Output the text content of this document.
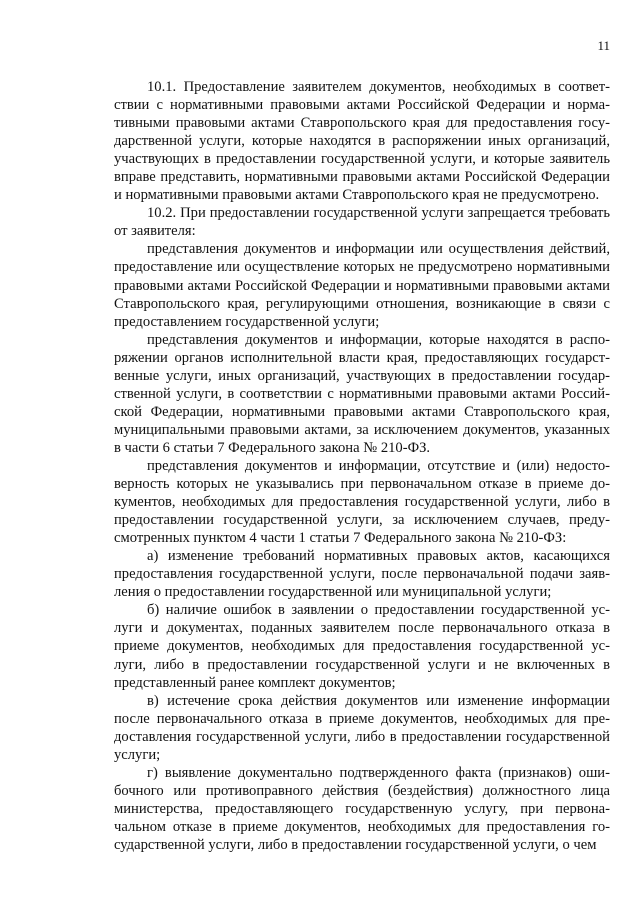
11

10.1. Предоставление заявителем документов, необходимых в соответствии с нормативными правовыми актами Российской Федерации и нормативными правовыми актами Ставропольского края для предоставления государственной услуги, которые находятся в распоряжении иных организаций, участвующих в предоставлении государственной услуги, и которые заявитель вправе представить, нормативными правовыми актами Российской Федерации и нормативными правовыми актами Ставропольского края не предусмотрено.

10.2. При предоставлении государственной услуги запрещается требовать от заявителя:

представления документов и информации или осуществления действий, предоставление или осуществление которых не предусмотрено нормативными правовыми актами Российской Федерации и нормативными правовыми актами Ставропольского края, регулирующими отношения, возникающие в связи с предоставлением государственной услуги;

представления документов и информации, которые находятся в распоряжении органов исполнительной власти края, предоставляющих государственные услуги, иных организаций, участвующих в предоставлении государственной услуги, в соответствии с нормативными правовыми актами Российской Федерации, нормативными правовыми актами Ставропольского края, муниципальными правовыми актами, за исключением документов, указанных в части 6 статьи 7 Федерального закона № 210-ФЗ.

представления документов и информации, отсутствие и (или) недостоверность которых не указывались при первоначальном отказе в приеме документов, необходимых для предоставления государственной услуги, либо в предоставлении государственной услуги, за исключением случаев, предусмотренных пунктом 4 части 1 статьи 7 Федерального закона № 210-ФЗ:

а) изменение требований нормативных правовых актов, касающихся предоставления государственной услуги, после первоначальной подачи заявления о предоставлении государственной или муниципальной услуги;

б) наличие ошибок в заявлении о предоставлении государственной услуги и документах, поданных заявителем после первоначального отказа в приеме документов, необходимых для предоставления государственной услуги, либо в предоставлении государственной услуги и не включенных в представленный ранее комплект документов;

в) истечение срока действия документов или изменение информации после первоначального отказа в приеме документов, необходимых для предоставления государственной услуги, либо в предоставлении государственной услуги;

г) выявление документально подтвержденного факта (признаков) ошибочного или противоправного действия (бездействия) должностного лица министерства, предоставляющего государственную услугу, при первоначальном отказе в приеме документов, необходимых для предоставления государственной услуги, либо в предоставлении государственной услуги, о чем
